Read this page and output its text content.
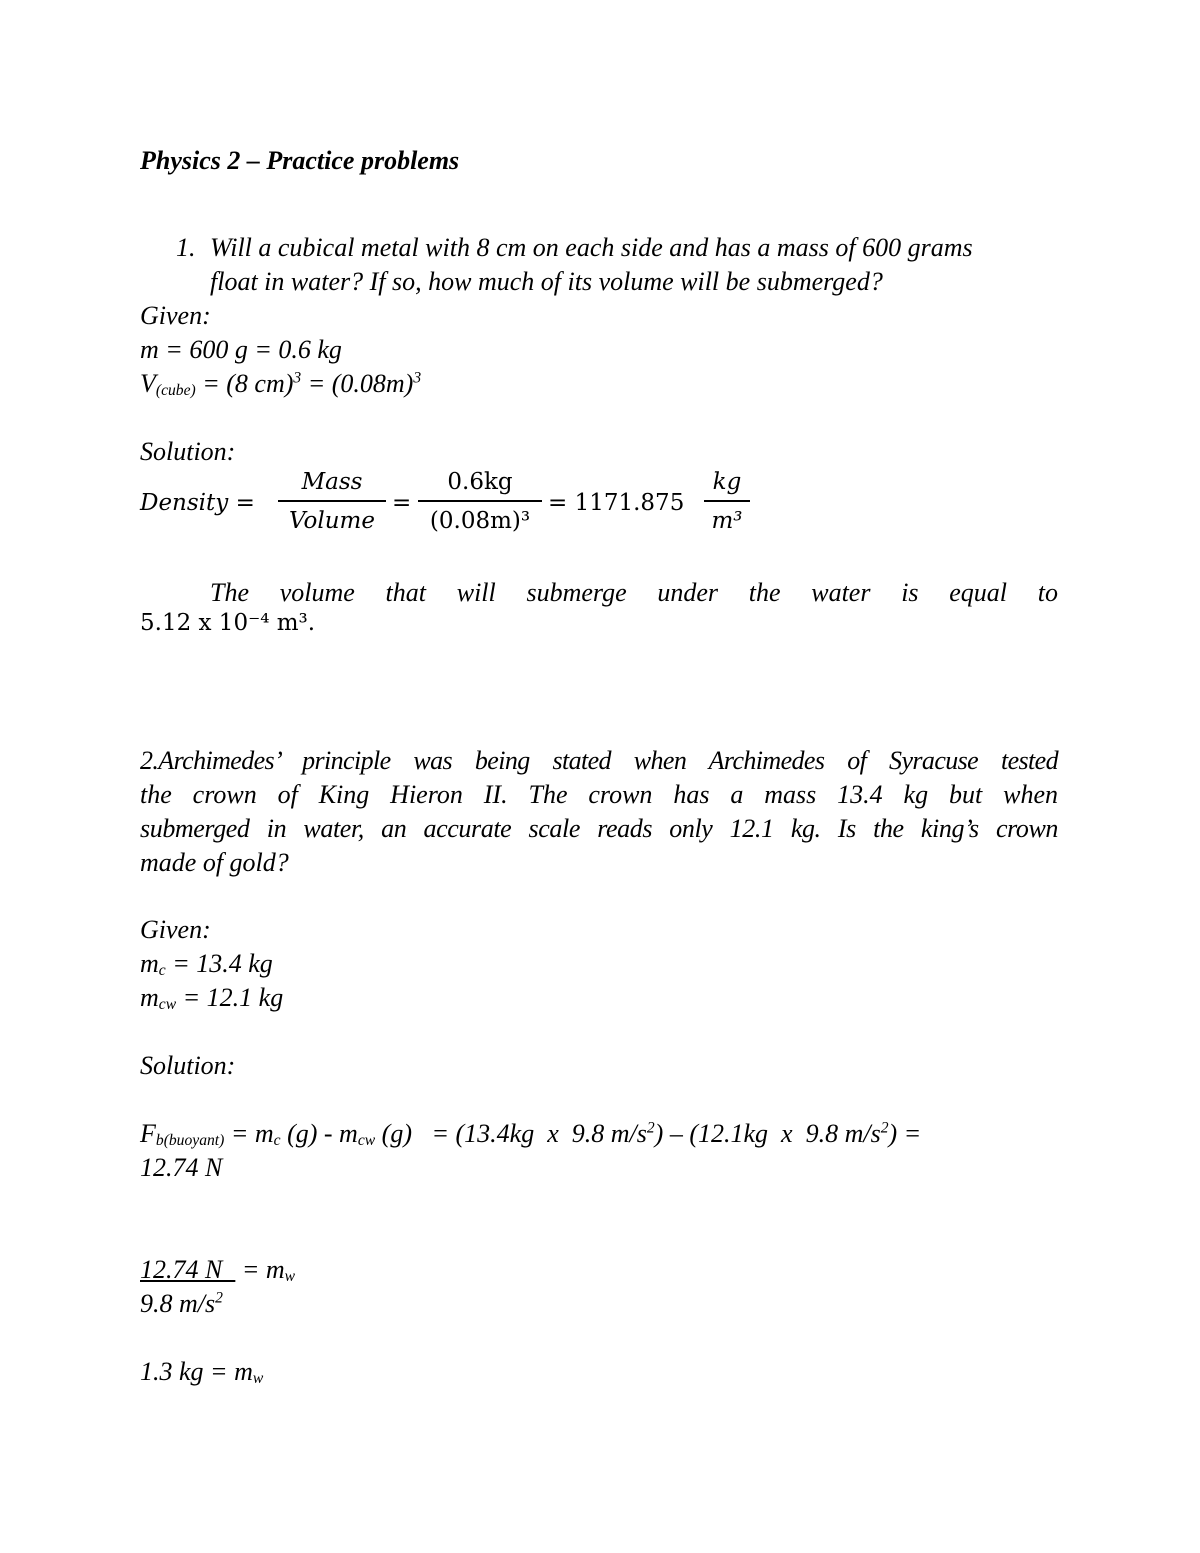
Physics 2 – Practice problems
1. Will a cubical metal with 8 cm on each side and has a mass of 600 grams
float in water? If so, how much of its volume will be submerged?
Given:
m = 600 g = 0.6 kg
$V_{(cube)} = (8$ $cm)^3 = (0.08m)^3$
Solution:
Density =
Mass
Volume
=
0.6kg
(0.08m)³
= 1171.875
kg
m³
The volume that will submerge under the water is equal to
5.12 x 10⁻⁴ m³.
2.Archimedes’ principle was being stated when Archimedes of Syracuse tested
the crown of King Hieron II. The crown has a mass 13.4 kg but when
submerged in water, an accurate scale reads only 12.1 kg. Is the king’s crown
made of gold?
Given:
$m_c = 13.4$ kg
$m_{cw} = 12.1$ kg
Solution:
$F_{b(buoyant)} = m_c$ $(g) - m_{cw}$ (g)   = (13.4kg  x  9.8 $m/s^2) - (12.1kg$  x  9.8 $m/s^2$) =
12.74 N
12.74 $N = m_w$
9.8 $m/s^2$
1.3 kg = $m_w$
